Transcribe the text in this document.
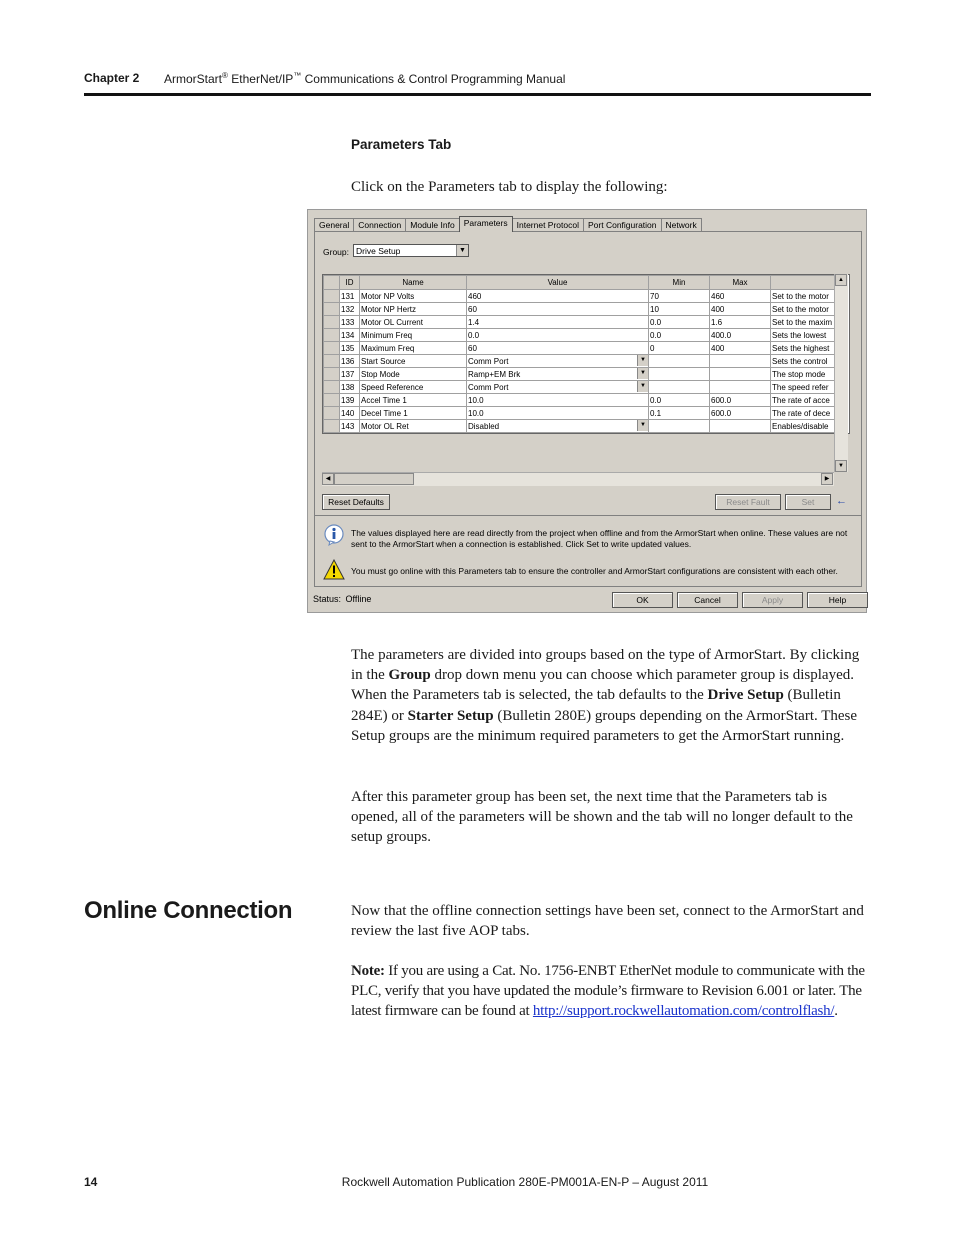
Chapter 2 ArmorStart® EtherNet/IP™ Communications & Control Programming Manual
Parameters Tab
Click on the Parameters tab to display the following:
General	Connection	Module Info	Parameters	Internet Protocol	Port Configuration	Network
Group: Drive Setup	▼
	ID	Name	Value	Min	Max	
	131	Motor NP Volts	460	70	460	Set to the motor
	132	Motor NP Hertz	60	10	400	Set to the motor
	133	Motor OL Current	1.4	0.0	1.6	Set to the maxim
	134	Minimum Freq	0.0	0.0	400.0	Sets the lowest
	135	Maximum Freq	60	0	400	Sets the highest
	136	Start Source	Comm Port ▼			Sets the control
	137	Stop Mode	Ramp+EM Brk ▼			The stop mode
	138	Speed Reference	Comm Port ▼			The speed refer
	139	Accel Time 1	10.0	0.0	600.0	The rate of acce
	140	Decel Time 1	10.0	0.1	600.0	The rate of dece
	143	Motor OL Ret	Disabled ▼			Enables/disable
▲
▼
◀	▶
Reset Defaults	Reset Fault	Set	←
The values displayed here are read directly from the project when offline and from the ArmorStart when online. These values are not sent to the ArmorStart when a connection is established. Click Set to write updated values.
You must go online with this Parameters tab to ensure the controller and ArmorStart configurations are consistent with each other.
Status: Offline	OK	Cancel	Apply	Help
The parameters are divided into groups based on the type of ArmorStart. By clicking in the Group drop down menu you can choose which parameter group is displayed. When the Parameters tab is selected, the tab defaults to the Drive Setup (Bulletin 284E) or Starter Setup (Bulletin 280E) groups depending on the ArmorStart. These Setup groups are the minimum required parameters to get the ArmorStart running.
After this parameter group has been set, the next time that the Parameters tab is opened, all of the parameters will be shown and the tab will no longer default to the setup groups.
Online Connection	Now that the offline connection settings have been set, connect to the ArmorStart and review the last five AOP tabs.
Note: If you are using a Cat. No. 1756-ENBT EtherNet module to communicate with the PLC, verify that you have updated the module’s firmware to Revision 6.001 or later. The latest firmware can be found at http://support.rockwellautomation.com/controlflash/.
14	Rockwell Automation Publication 280E-PM001A-EN-P – August 2011
